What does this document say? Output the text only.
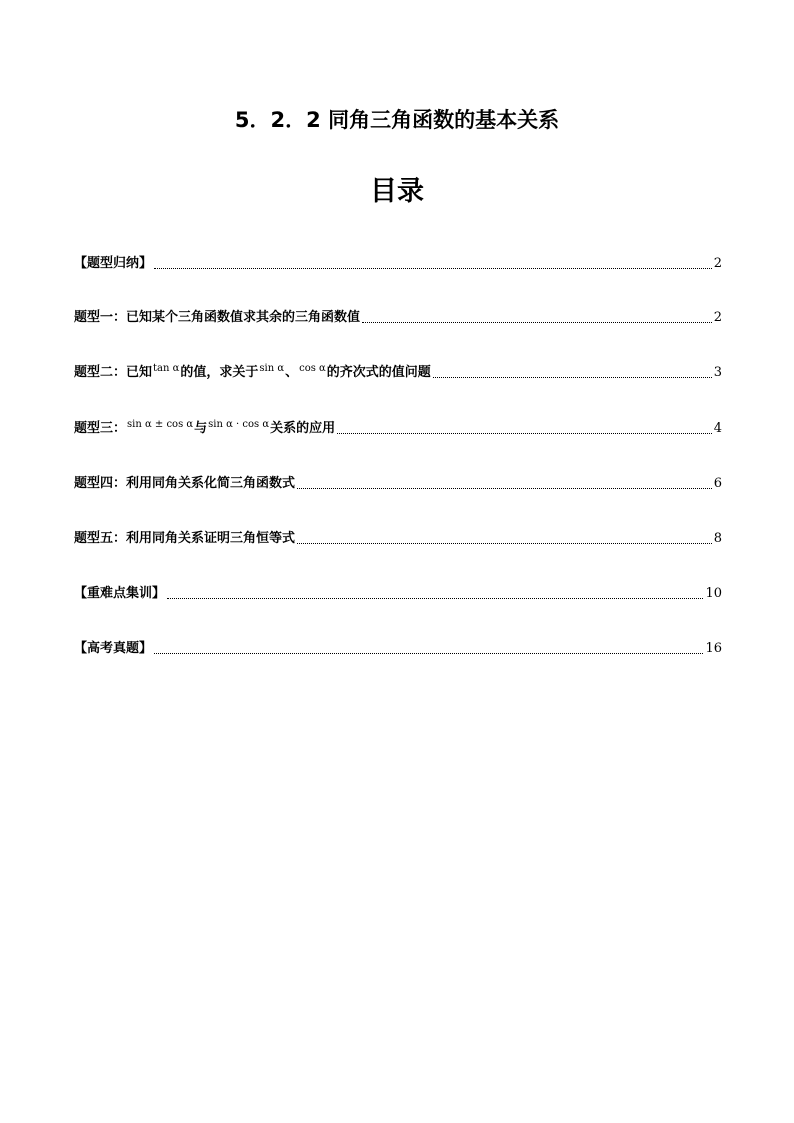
5．2．2 同角三角函数的基本关系
目录
【题型归纳】	2
题型一：已知某个三角函数值求其余的三角函数值	2
题型二：已知 tan α 的值，求关于 sin α 、 cos α 的齐次式的值问题	3
题型三： sin α ± cos α 与 sin α · cos α 关系的应用	4
题型四：利用同角关系化简三角函数式	6
题型五：利用同角关系证明三角恒等式	8
【重难点集训】	10
【高考真题】	16
